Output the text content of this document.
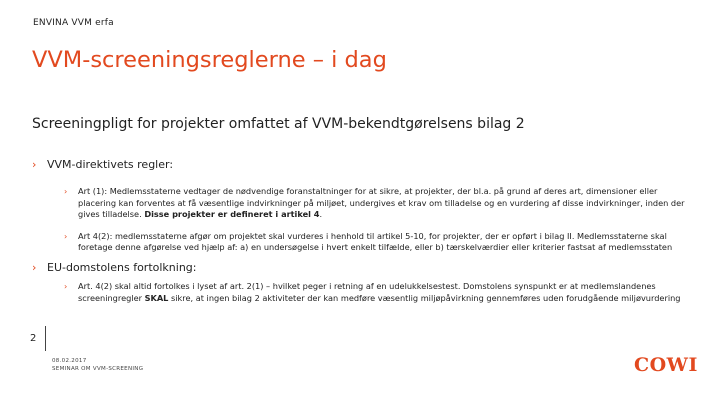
ENVINA VVM erfa
VVM-screeningsreglerne – i dag
Screeningpligt for projekter omfattet af VVM-bekendtgørelsens bilag 2
› VVM-direktivets regler:
› Art (1): Medlemsstaterne vedtager de nødvendige foranstaltninger for at sikre, at projekter, der bl.a. på grund af deres art, dimensioner eller placering kan forventes at få væsentlige indvirkninger på miljøet, undergives et krav om tilladelse og en vurdering af disse indvirkninger, inden der gives tilladelse. Disse projekter er defineret i artikel 4.
› Art 4(2): medlemsstaterne afgør om projektet skal vurderes i henhold til artikel 5-10, for projekter, der er opført i bilag II. Medlemsstaterne skal foretage denne afgørelse ved hjælp af: a) en undersøgelse i hvert enkelt tilfælde, eller b) tærskelværdier eller kriterier fastsat af medlemsstaten
› EU-domstolens fortolkning:
› Art. 4(2) skal altid fortolkes i lyset af art. 2(1) – hvilket peger i retning af en udelukkelsestest. Domstolens synspunkt er at medlemslandenes screeningregler SKAL sikre, at ingen bilag 2 aktiviteter der kan medføre væsentlig miljøpåvirkning gennemføres uden forudgående miljøvurdering
2
08.02.2017
SEMINAR OM VVM-SCREENING	COWI
